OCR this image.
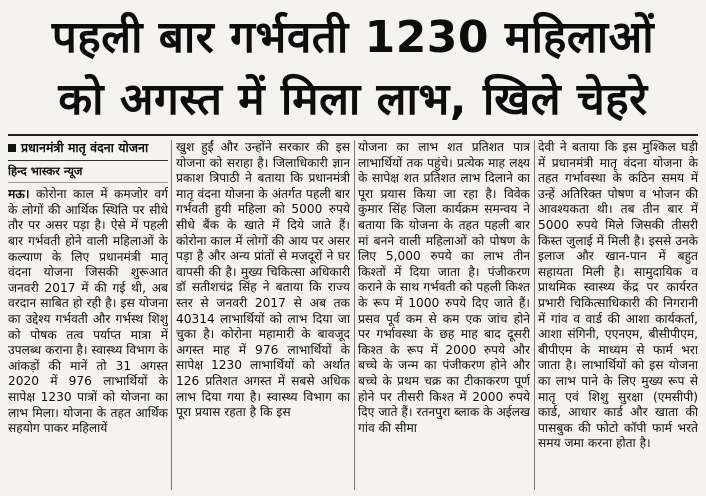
पहली बार गर्भवती 1230 महिलाओं
को अगस्त में मिला लाभ, खिले चेहरे
प्रधानमंत्री मातृ वंदना योजना
हिन्द भास्कर न्यूज

मऊ। कोरोना काल में कमजोर वर्ग के लोगों की आर्थिक स्थिति पर सीधे तौर पर असर पड़ा है। ऐसे में पहली बार गर्भवती होने वाली महिलाओं के कल्याण के लिए प्रधानमंत्री मातृ वंदना योजना जिसकी शुरूआत जनवरी 2017 में की गई थी, अब वरदान साबित हो रही है। इस योजना का उद्देश्य गर्भवती और गर्भस्थ शिशु को पोषक तत्व पर्याप्त मात्रा में उपलब्ध कराना है। स्वास्थ्य विभाग के आंकड़ों की मानें तो 31 अगस्त 2020 में 976 लाभार्थियों के सापेक्ष 1230 पात्रों को योजना का लाभ मिला। योजना के तहत आर्थिक सहयोग पाकर महिलायें

खुश हुईं और उन्होंने सरकार की इस योजना को सराहा है। जिलाधिकारी ज्ञान प्रकाश त्रिपाठी ने बताया कि प्रधानमंत्री मातृ वंदना योजना के अंतर्गत पहली बार गर्भवती हुयी महिला को 5000 रुपये सीधे बैंक के खाते में दिये जाते हैं। कोरोना काल में लोगों की आय पर असर पड़ा है और अन्य प्रांतों से मजदूरों ने घर वापसी की है। मुख्य चिकित्सा अधिकारी डॉ सतीशचंद्र सिंह ने बताया कि राज्य स्तर से जनवरी 2017 से अब तक 40314 लाभार्थियों को लाभ दिया जा चुका है। कोरोना महामारी के बावजूद अगस्त माह में 976 लाभार्थियों के सापेक्ष 1230 लाभार्थियों को अर्थात 126 प्रतिशत अगस्त में सबसे अधिक लाभ दिया गया है। स्वास्थ्य विभाग का पूरा प्रयास रहता है कि इस

योजना का लाभ शत प्रतिशत पात्र लाभार्थियों तक पहुंचे। प्रत्येक माह लक्ष्य के सापेक्ष शत प्रतिशत लाभ दिलाने का पूरा प्रयास किया जा रहा है। विवेक कुमार सिंह जिला कार्यक्रम समन्वय ने बताया कि योजना के तहत पहली बार मां बनने वाली महिलाओं को पोषण के लिए 5,000 रुपये का लाभ तीन किश्तों में दिया जाता है। पंजीकरण कराने के साथ गर्भवती को पहली किश्त के रूप में 1000 रुपये दिए जाते हैं। प्रसव पूर्व कम से कम एक जांच होने पर गर्भावस्था के छह माह बाद दूसरी किश्त के रूप में 2000 रुपये और बच्चे के जन्म का पंजीकरण होने और बच्चे के प्रथम चक्र का टीकाकरण पूर्ण होने पर तीसरी किश्त में 2000 रुपये दिए जाते हैं। रतनपुरा ब्लाक के अईलख गांव की सीमा

देवी ने बताया कि इस मुश्किल घड़ी में प्रधानमंत्री मातृ वंदना योजना के तहत गर्भावस्था के कठिन समय में उन्हें अतिरिक्त पोषण व भोजन की आवश्यकता थी। तब तीन बार में 5000 रुपये मिले जिसकी तीसरी किस्त जुलाई में मिली है। इससे उनके इलाज और खान-पान में बहुत सहायता मिली है। सामुदायिक व प्राथमिक स्वास्थ्य केंद्र पर कार्यरत प्रभारी चिकित्साधिकारी की निगरानी में गांव व वार्ड की आशा कार्यकर्ता, आशा संगिनी, एएनएम, बीसीपीएम, बीपीएम के माध्यम से फार्म भरा जाता है। लाभार्थियों को इस योजना का लाभ पाने के लिए मुख्य रूप से मातृ एवं शिशु सुरक्षा (एमसीपी) कार्ड, आधार कार्ड और खाता की पासबुक की फोटो कॉपी फार्म भरते समय जमा करना होता है।
